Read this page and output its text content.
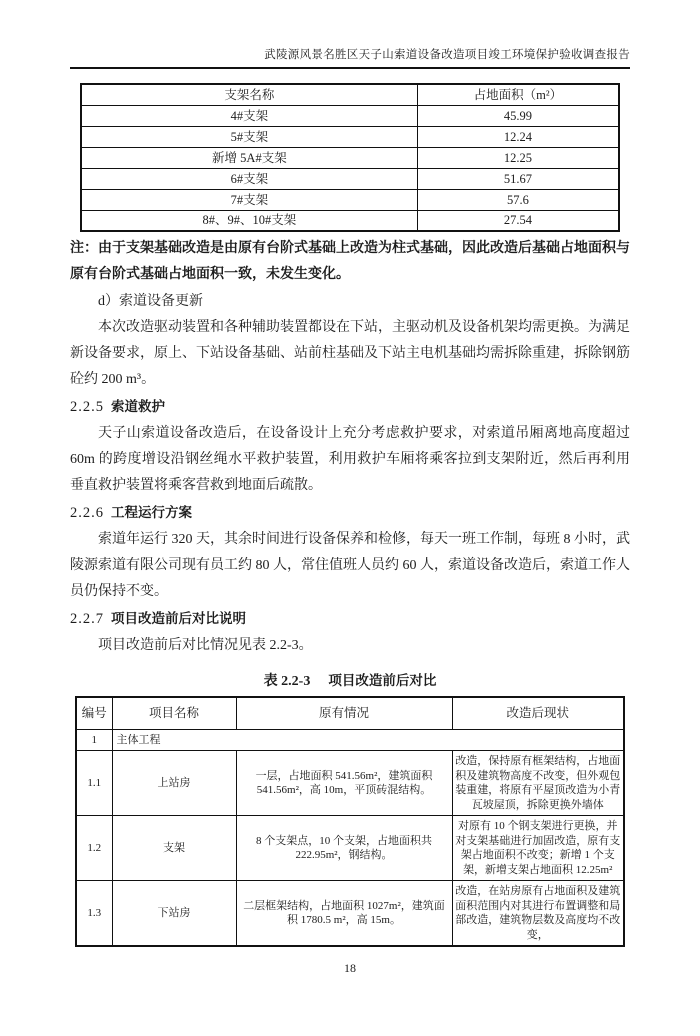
武陵源风景名胜区天子山索道设备改造项目竣工环境保护验收调查报告
支架名称	占地面积（m²）
4#支架	45.99
5#支架	12.24
新增 5A#支架	12.25
6#支架	51.67
7#支架	57.6
8#、9#、10#支架	27.54
注：由于支架基础改造是由原有台阶式基础上改造为柱式基础，因此改造后基础占地面积与原有台阶式基础占地面积一致，未发生变化。
d）索道设备更新
本次改造驱动装置和各种辅助装置都设在下站，主驱动机及设备机架均需更换。为满足新设备要求，原上、下站设备基础、站前柱基础及下站主电机基础均需拆除重建，拆除钢筋砼约 200 m³。
2.2.5 索道救护
天子山索道设备改造后，在设备设计上充分考虑救护要求，对索道吊厢离地高度超过 60m 的跨度增设沿钢丝绳水平救护装置，利用救护车厢将乘客拉到支架附近，然后再利用垂直救护装置将乘客营救到地面后疏散。
2.2.6 工程运行方案
索道年运行 320 天，其余时间进行设备保养和检修，每天一班工作制，每班 8 小时，武陵源索道有限公司现有员工约 80 人，常住值班人员约 60 人，索道设备改造后，索道工作人员仍保持不变。
2.2.7 项目改造前后对比说明
项目改造前后对比情况见表 2.2-3。
表 2.2-3 项目改造前后对比
编号	项目名称	原有情况	改造后现状
1	主体工程		
1.1	上站房	一层，占地面积 541.56m²，建筑面积 541.56m²，高 10m，平顶砖混结构。	改造，保持原有框架结构，占地面积及建筑物高度不改变，但外观包装重建，将原有平屋顶改造为小青瓦坡屋顶，拆除更换外墙体
1.2	支架	8 个支架点，10 个支架，占地面积共 222.95m²，钢结构。	对原有 10 个钢支架进行更换，并对支架基础进行加固改造，原有支架占地面积不改变；新增 1 个支架，新增支架占地面积 12.25m²
1.3	下站房	二层框架结构，占地面积 1027m²，建筑面积 1780.5 m²，高 15m。	改造，在站房原有占地面积及建筑面积范围内对其进行布置调整和局部改造，建筑物层数及高度均不改变，
18
